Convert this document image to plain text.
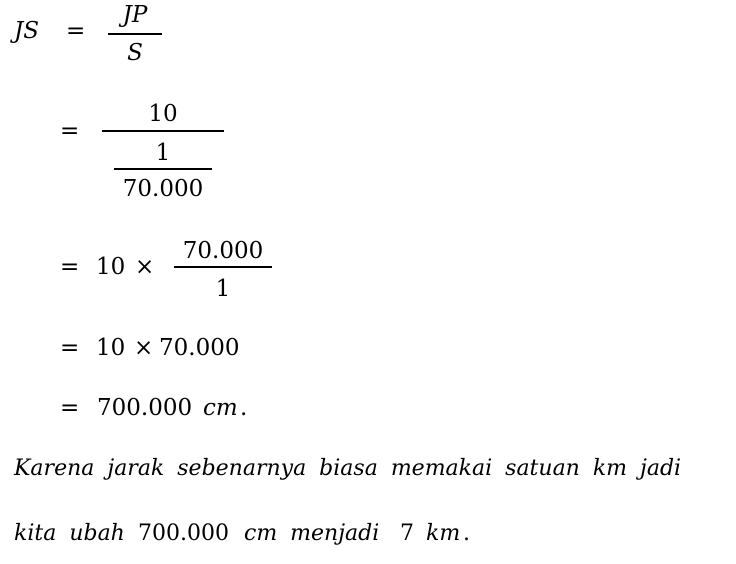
JS =
JP
S
=
10
1
70.000
= 10 ×
70.000
1
= 10 × 70.000
= 700.000 cm .
Karena jarak sebenarnya biasa memakai satuan km jadi
kita ubah 700.000 cm menjadi 7 km .
